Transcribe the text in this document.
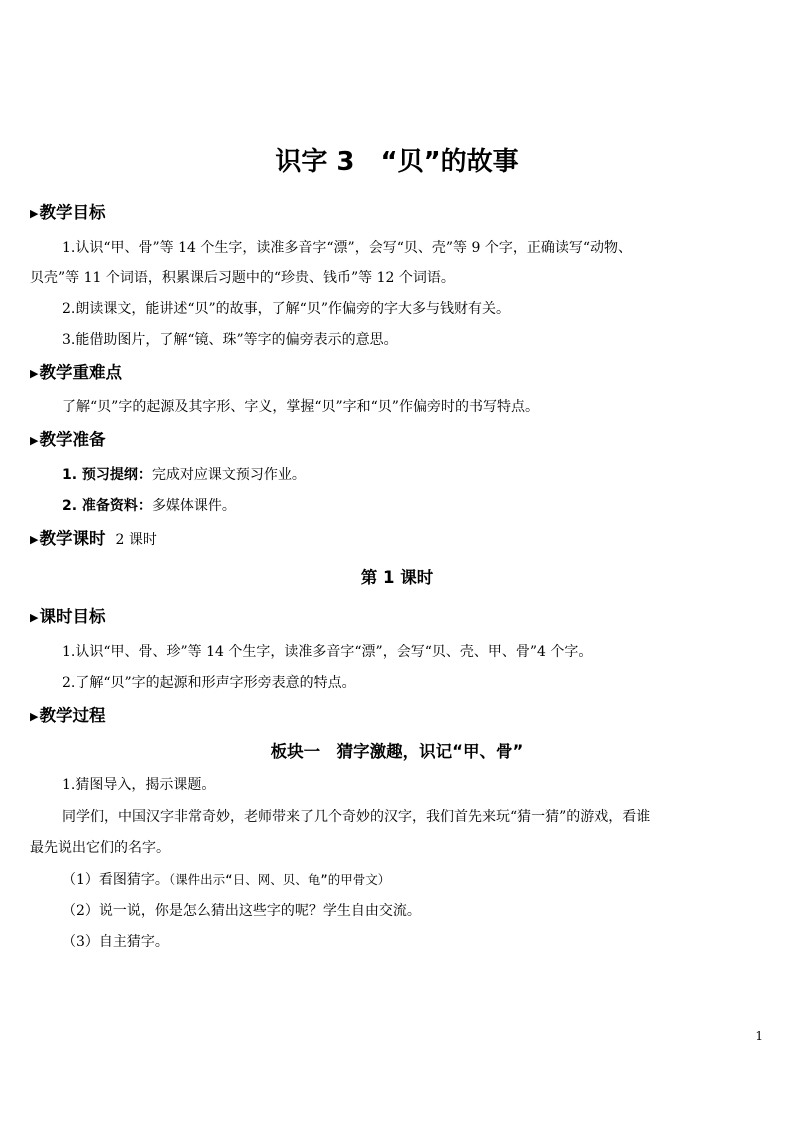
识字 3 “贝”的故事
▶教学目标
1.认识“甲、骨”等 14 个生字，读准多音字“漂”，会写“贝、壳”等 9 个字，正确读写“动物、
贝壳”等 11 个词语，积累课后习题中的“珍贵、钱币”等 12 个词语。
2.朗读课文，能讲述“贝”的故事，了解“贝”作偏旁的字大多与钱财有关。
3.能借助图片，了解“镜、珠”等字的偏旁表示的意思。
▶教学重难点
了解“贝”字的起源及其字形、字义，掌握“贝”字和“贝”作偏旁时的书写特点。
▶教学准备
1. 预习提纲：完成对应课文预习作业。
2. 准备资料：多媒体课件。
▶教学课时 2 课时
第 1 课时
▶课时目标
1.认识“甲、骨、珍”等 14 个生字，读准多音字“漂”，会写“贝、壳、甲、骨”4 个字。
2.了解“贝”字的起源和形声字形旁表意的特点。
▶教学过程
板块一　猜字激趣，识记“甲、骨”
1.猜图导入，揭示课题。
同学们，中国汉字非常奇妙，老师带来了几个奇妙的汉字，我们首先来玩“猜一猜”的游戏，看谁
最先说出它们的名字。
（1）看图猜字。（课件出示“日、网、贝、龟”的甲骨文）
（2）说一说，你是怎么猜出这些字的呢？学生自由交流。
（3）自主猜字。
1
